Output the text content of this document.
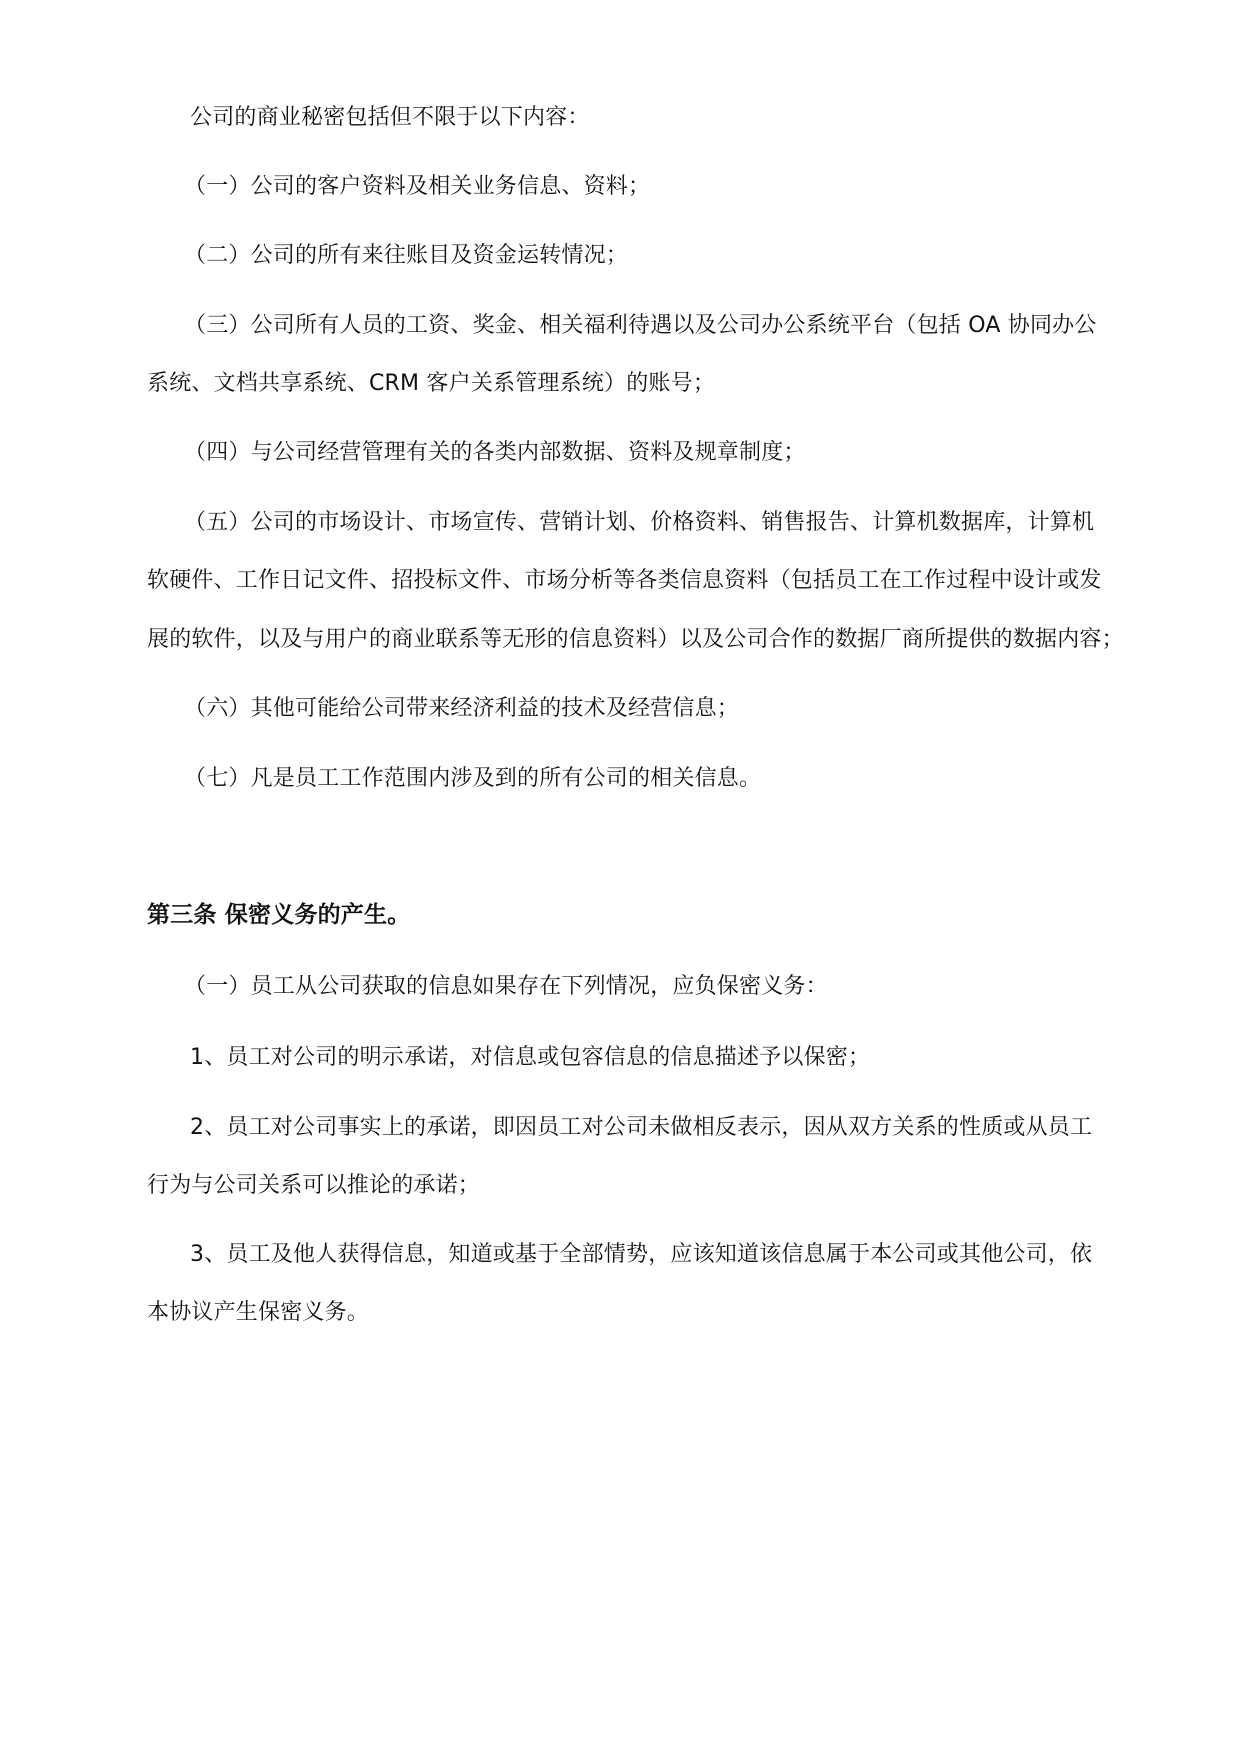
公司的商业秘密包括但不限于以下内容：
（一）公司的客户资料及相关业务信息、资料；
（二）公司的所有来往账目及资金运转情况；
（三）公司所有人员的工资、奖金、相关福利待遇以及公司办公系统平台（包括 OA 协同办公
系统、文档共享系统、CRM 客户关系管理系统）的账号；
（四）与公司经营管理有关的各类内部数据、资料及规章制度；
（五）公司的市场设计、市场宣传、营销计划、价格资料、销售报告、计算机数据库，计算机
软硬件、工作日记文件、招投标文件、市场分析等各类信息资料（包括员工在工作过程中设计或发
展的软件，以及与用户的商业联系等无形的信息资料）以及公司合作的数据厂商所提供的数据内容；
（六）其他可能给公司带来经济利益的技术及经营信息；
（七）凡是员工工作范围内涉及到的所有公司的相关信息。
第三条 保密义务的产生。
（一）员工从公司获取的信息如果存在下列情况，应负保密义务：
1、员工对公司的明示承诺，对信息或包容信息的信息描述予以保密；
2、员工对公司事实上的承诺，即因员工对公司未做相反表示，因从双方关系的性质或从员工
行为与公司关系可以推论的承诺；
3、员工及他人获得信息，知道或基于全部情势，应该知道该信息属于本公司或其他公司，依
本协议产生保密义务。
